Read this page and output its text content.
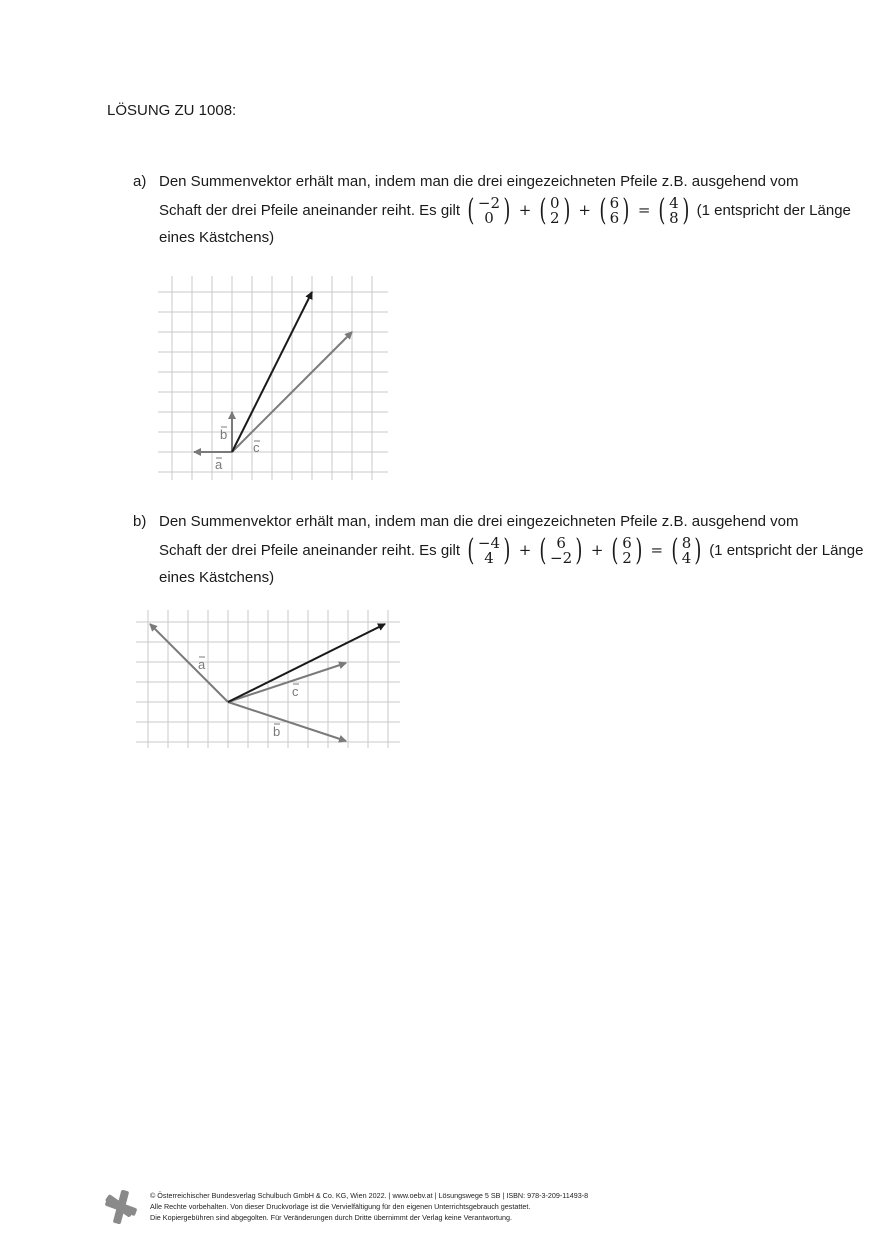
LÖSUNG ZU 1008:
a) Den Summenvektor erhält man, indem man die drei eingezeichneten Pfeile z.B. ausgehend vom
Schaft der drei Pfeile aneinander reiht. Es gilt ( −2
0 ) + ( 0
2 ) + ( 6
6 ) = ( 4
8 ) (1 entspricht der Länge
eines Kästchens)
a
b
c
b) Den Summenvektor erhält man, indem man die drei eingezeichneten Pfeile z.B. ausgehend vom
Schaft der drei Pfeile aneinander reiht. Es gilt ( −4
4 ) + ( 6
−2 ) + ( 6
2 ) = ( 8
4 ) (1 entspricht der Länge
eines Kästchens)
a
c
b
© Österreichischer Bundesverlag Schulbuch GmbH & Co. KG, Wien 2022. | www.oebv.at | Lösungswege 5 SB | ISBN: 978-3-209-11493-8
Alle Rechte vorbehalten. Von dieser Druckvorlage ist die Vervielfältigung für den eigenen Unterrichtsgebrauch gestattet.
Die Kopiergebühren sind abgegolten. Für Veränderungen durch Dritte übernimmt der Verlag keine Verantwortung.
